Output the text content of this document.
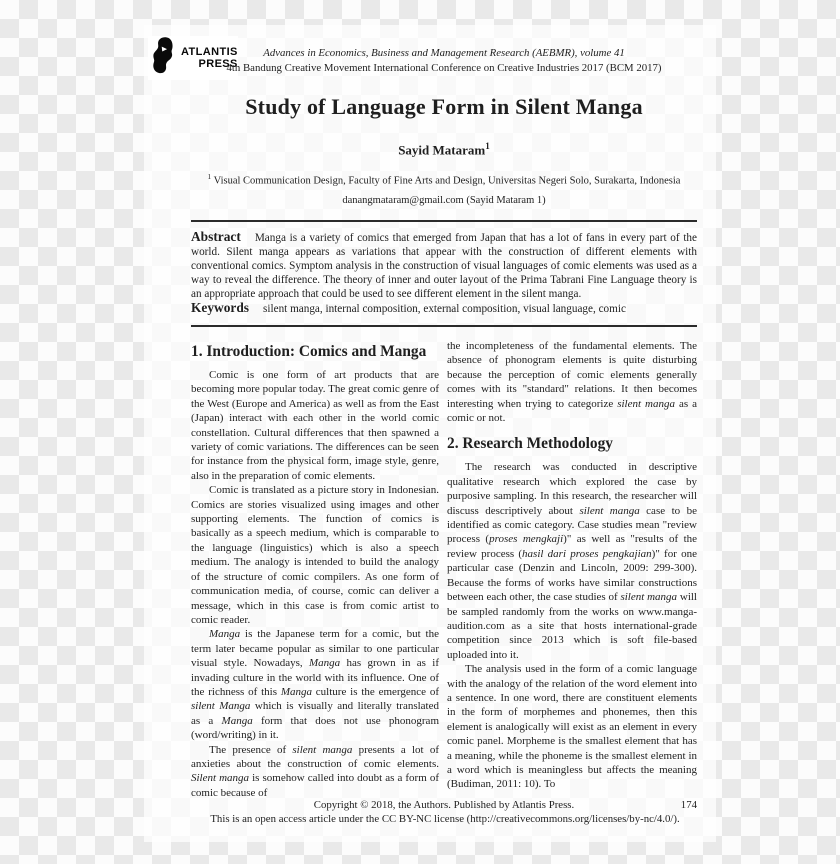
ATLANTIS
PRESS
Advances in Economics, Business and Management Research (AEBMR), volume 41
4th Bandung Creative Movement International Conference on Creative Industries 2017 (BCM 2017)
Study of Language Form in Silent Manga
Sayid Mataram$^1$
$^1$ Visual Communication Design, Faculty of Fine Arts and Design, Universitas Negeri Solo, Surakarta, Indonesia
danangmataram@gmail.com (Sayid Mataram 1)
Abstract Manga is a variety of comics that emerged from Japan that has a lot of fans in every part of the world. Silent manga appears as variations that appear with the construction of different elements with conventional comics. Symptom analysis in the construction of visual languages of comic elements was used as a way to reveal the difference. The theory of inner and outer layout of the Prima Tabrani Fine Language theory is an appropriate approach that could be used to see different element in the silent manga.
Keywords silent manga, internal composition, external composition, visual language, comic
1. Introduction: Comics and Manga

Comic is one form of art products that are becoming more popular today. The great comic genre of the West (Europe and America) as well as from the East (Japan) interact with each other in the world comic constellation. Cultural differences that then spawned a variety of comic variations. The differences can be seen for instance from the physical form, image style, genre, also in the preparation of comic elements.

Comic is translated as a picture story in Indonesian. Comics are stories visualized using images and other supporting elements. The function of comics is basically as a speech medium, which is comparable to the language (linguistics) which is also a speech medium. The analogy is intended to build the analogy of the structure of comic compilers. As one form of communication media, of course, comic can deliver a message, which in this case is from comic artist to comic reader.

Manga is the Japanese term for a comic, but the term later became popular as similar to one particular visual style. Nowadays, Manga has grown in as if invading culture in the world with its influence. One of the richness of this Manga culture is the emergence of silent Manga which is visually and literally translated as a Manga form that does not use phonogram (word/writing) in it.

The presence of silent manga presents a lot of anxieties about the construction of comic elements. Silent manga is somehow called into doubt as a form of comic because of

the incompleteness of the fundamental elements. The absence of phonogram elements is quite disturbing because the perception of comic elements generally comes with its "standard" relations. It then becomes interesting when trying to categorize silent manga as a comic or not.

2. Research Methodology

The research was conducted in descriptive qualitative research which explored the case by purposive sampling. In this research, the researcher will discuss descriptively about silent manga case to be identified as comic category. Case studies mean "review process (proses mengkaji)" as well as "results of the review process (hasil dari proses pengkajian)" for one particular case (Denzin and Lincoln, 2009: 299-300). Because the forms of works have similar constructions between each other, the case studies of silent manga will be sampled randomly from the works on www.manga-audition.com as a site that hosts international-grade competition since 2013 which is soft file-based uploaded into it.

The analysis used in the form of a comic language with the analogy of the relation of the word element into a sentence. In one word, there are constituent elements in the form of morphemes and phonemes, then this element is analogically will exist as an element in every comic panel. Morpheme is the smallest element that has a meaning, while the phoneme is the smallest element in a word which is meaningless but affects the meaning (Budiman, 2011: 10). To

Copyright © 2018, the Authors. Published by Atlantis Press.	174
This is an open access article under the CC BY-NC license (http://creativecommons.org/licenses/by-nc/4.0/).
